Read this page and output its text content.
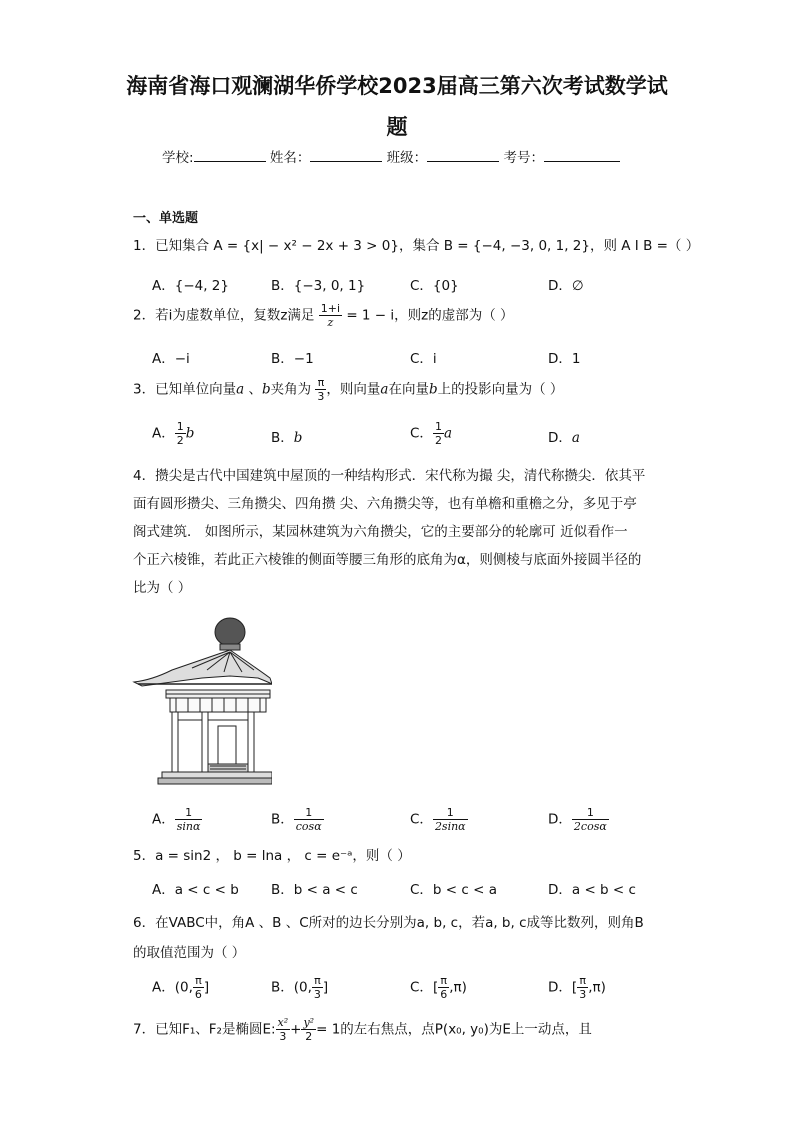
海南省海口观澜湖华侨学校2023届高三第六次考试数学试
题
学校:	姓名：	班级：	考号：
一、单选题
1．已知集合 A = {x| − x² − 2x + 3 > 0}，集合 B = {−4, −3, 0, 1, 2}，则 A I B =（ ）
A．{−4, 2}	B．{−3, 0, 1}	C．{0}	D．∅
2．若i为虚数单位，复数z满足 $\frac{1+i}{z} = 1 - i$，则z的虚部为（ ）
A．−i	B．−1	C．i	D．1
3．已知单位向量a 、b夹角为 $\frac{\pi}{3}$ ，则向量a在向量b上的投影向量为（ ）
A． $\frac{1}{2}$ b	B．b	C． $\frac{1}{2}$ a	D．a
4．攒尖是古代中国建筑中屋顶的一种结构形式．宋代称为撮 尖，清代称攒尖．依其平
面有圆形攒尖、三角攒尖、四角攒 尖、六角攒尖等，也有单檐和重檐之分，多见于亭
阁式建筑． 如图所示，某园林建筑为六角攒尖，它的主要部分的轮廓可 近似看作一
个正六棱锥，若此正六棱锥的侧面等腰三角形的底角为α，则侧棱与底面外接圆半径的
比为（ ）
A． $\frac{1}{\sin\alpha}$	B． $\frac{1}{\cos\alpha}$	C． $\frac{1}{2\sin\alpha}$	D． $\frac{1}{2\cos\alpha}$
5．a = sin2 ， b = lna ， c = e⁻ᵃ，则（ ）
A．a < c < b B．b < a < c	C．b < c < a	D．a < b < c
6．在VABC中，角A 、B 、C所对的边长分别为a, b, c，若a, b, c成等比数列，则角B
的取值范围为（ ）
A．(0, $\frac{\pi}{6}$ ]	B．(0, $\frac{\pi}{3}$ ]	C．[ $\frac{\pi}{6} ,\pi$)	D．[ $\frac{\pi}{3} ,\pi$)
7．已知F₁、F₂是椭圆E: $\frac{\text{x²}}{3} + \frac{\text{y²}}{2} = 1$的左右焦点，点P(x₀, y₀)为E上一动点，且
